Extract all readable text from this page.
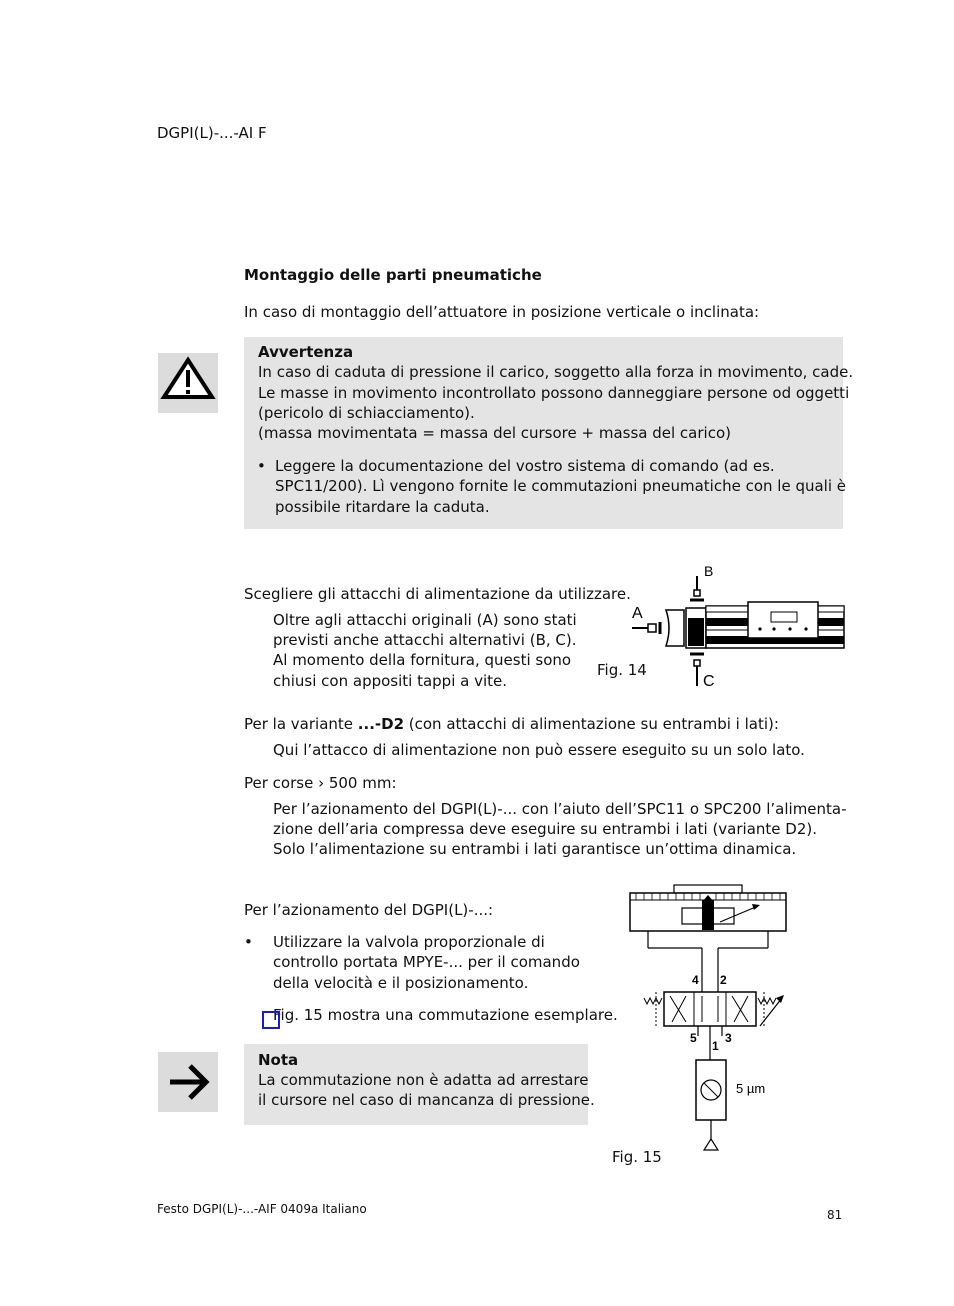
DGPI(L)-...-AI F
Montaggio delle parti pneumatiche
In caso di montaggio dell’attuatore in posizione verticale o inclinata:
Avvertenza
In caso di caduta di pressione il carico, soggetto alla forza in movimento, cade.
Le masse in movimento incontrollato possono danneggiare persone od oggetti
(pericolo di schiacciamento).
(massa movimentata = massa del cursore + massa del carico)
• Leggere la documentazione del vostro sistema di comando (ad es.
SPC11/200). Lì vengono fornite le commutazioni pneumatiche con le quali è
possibile ritardare la caduta.
Scegliere gli attacchi di alimentazione da utilizzare.
Oltre agli attacchi originali (A) sono stati
previsti anche attacchi alternativi (B, C).
Al momento della fornitura, questi sono
chiusi con appositi tappi a vite.
B
A
C
Fig. 14
Per la variante ...-D2 (con attacchi di alimentazione su entrambi i lati):
Qui l’attacco di alimentazione non può essere eseguito su un solo lato.
Per corse › 500 mm:
Per l’azionamento del DGPI(L)-... con l’aiuto dell’SPC11 o SPC200 l’alimenta-
zione dell’aria compressa deve eseguire su entrambi i lati (variante D2).
Solo l’alimentazione su entrambi i lati garantisce un’ottima dinamica.
Per l’azionamento del DGPI(L)-...:
• Utilizzare la valvola proporzionale di
controllo portata MPYE-... per il comando
della velocità e il posizionamento.
Fig. 15 mostra una commutazione esemplare.
Nota
La commutazione non è adatta ad arrestare
il cursore nel caso di mancanza di pressione.
4 2
5
1
3
5 µm
Fig. 15
Festo DGPI(L)-...-AIF 0409a Italiano	81
